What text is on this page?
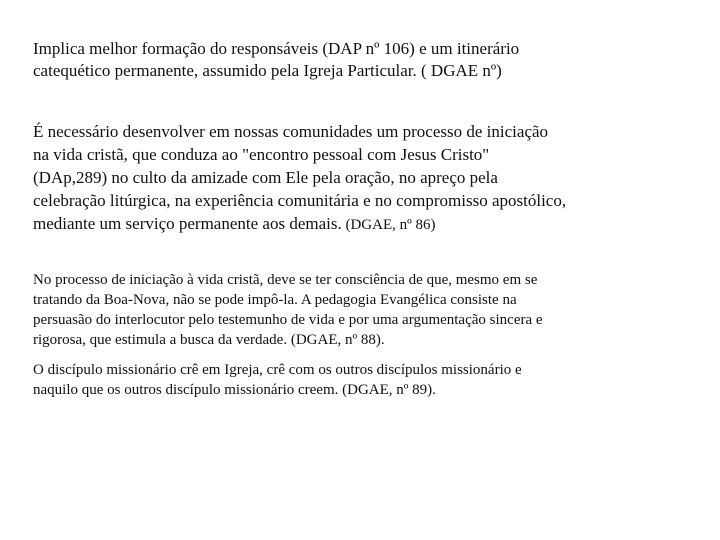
Implica melhor formação do responsáveis (DAP nº 106) e um itinerário
catequético permanente, assumido pela Igreja Particular. ( DGAE nº)

É necessário desenvolver em nossas comunidades um processo de iniciação
na vida cristã, que conduza ao "encontro pessoal com Jesus Cristo"
(DAp,289) no culto da amizade com Ele pela oração, no apreço pela
celebração litúrgica, na experiência comunitária e no compromisso apostólico,
mediante um serviço permanente aos demais. (DGAE, nº 86)

No processo de iniciação à vida cristã, deve se ter consciência de que, mesmo em se
tratando da Boa-Nova, não se pode impô-la. A pedagogia Evangélica consiste na
persuasão do interlocutor pelo testemunho de vida e por uma argumentação sincera e
rigorosa, que estimula a busca da verdade. (DGAE, nº 88).

O discípulo missionário crê em Igreja, crê com os outros discípulos missionário e
naquilo que os outros discípulo missionário creem. (DGAE, nº 89).
